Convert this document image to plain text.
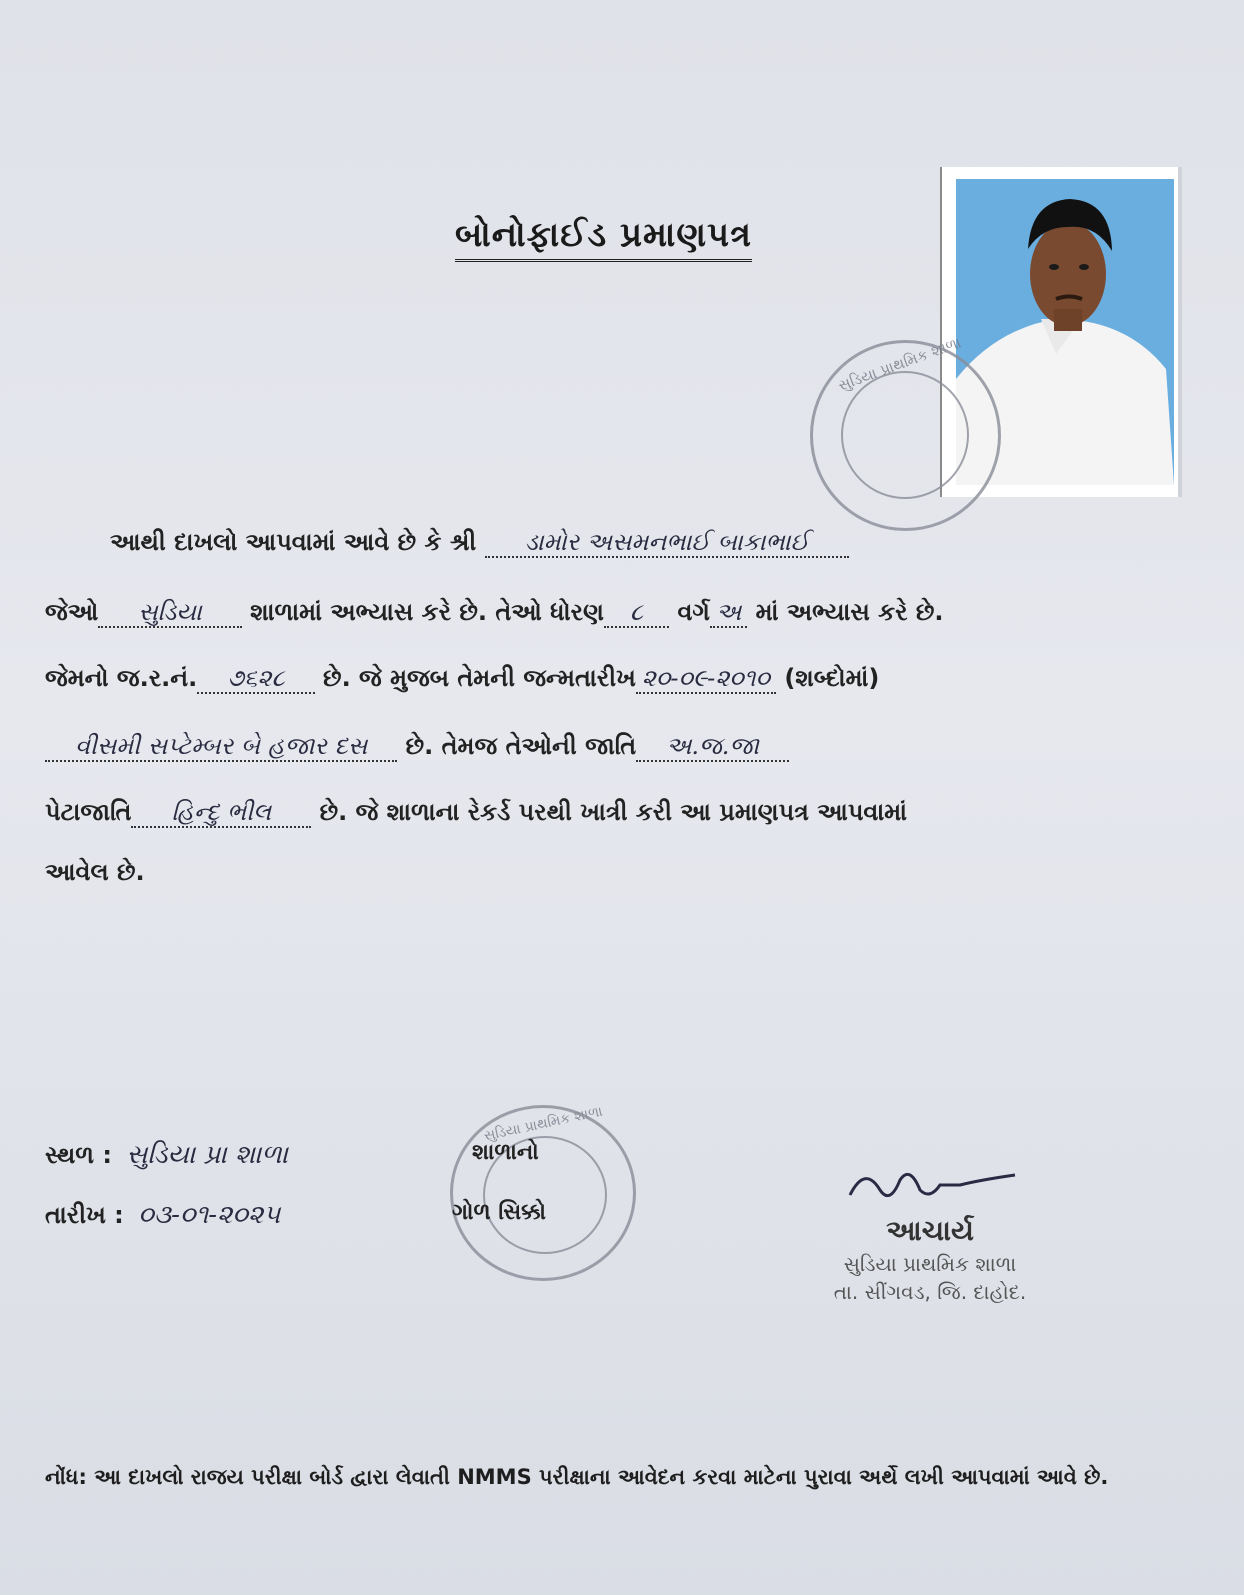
બોનોફાઈડ પ્રમાણપત્ર
સુડિયા પ્રાથમિક શાળા
આથી દાખલો આપવામાં આવે છે કે શ્રી ડામોર અસમનભાઈ બાકાભાઈ
જેઓ સુડિયા શાળામાં અભ્યાસ કરે છે. તેઓ ધોરણ ૮ વર્ગ અ માં અભ્યાસ કરે છે.
જેમનો જ.ર.નં. ૭૬૨૮ છે. જે મુજબ તેમની જન્મતારીખ ૨૦-૦૯-૨૦૧૦ (શબ્દોમાં)
વીસમી સપ્ટેમ્બર બે હજાર દસ છે. તેમજ તેઓની જાતિ અ.જ.જા
પેટાજાતિ હિન્દુ ભીલ છે. જે શાળાના રેકર્ડ પરથી ખાત્રી કરી આ પ્રમાણપત્ર આપવામાં
આવેલ છે.
સ્થળ : સુડિયા પ્રા શાળા
તારીખ : ૦૩-૦૧-૨૦૨૫
સુડિયા પ્રાથમિક શાળા
શાળાનો
ગોળ સિક્કો
આચાર્ય
સુડિયા પ્રાથમિક શાળા
તા. સીંગવડ, જિ. દાહોદ.
નોંધ: આ દાખલો રાજય પરીક્ષા બોર્ડ દ્વારા લેવાતી NMMS પરીક્ષાના આવેદન કરવા માટેના પુરાવા અર્થે લખી આપવામાં આવે છે.
